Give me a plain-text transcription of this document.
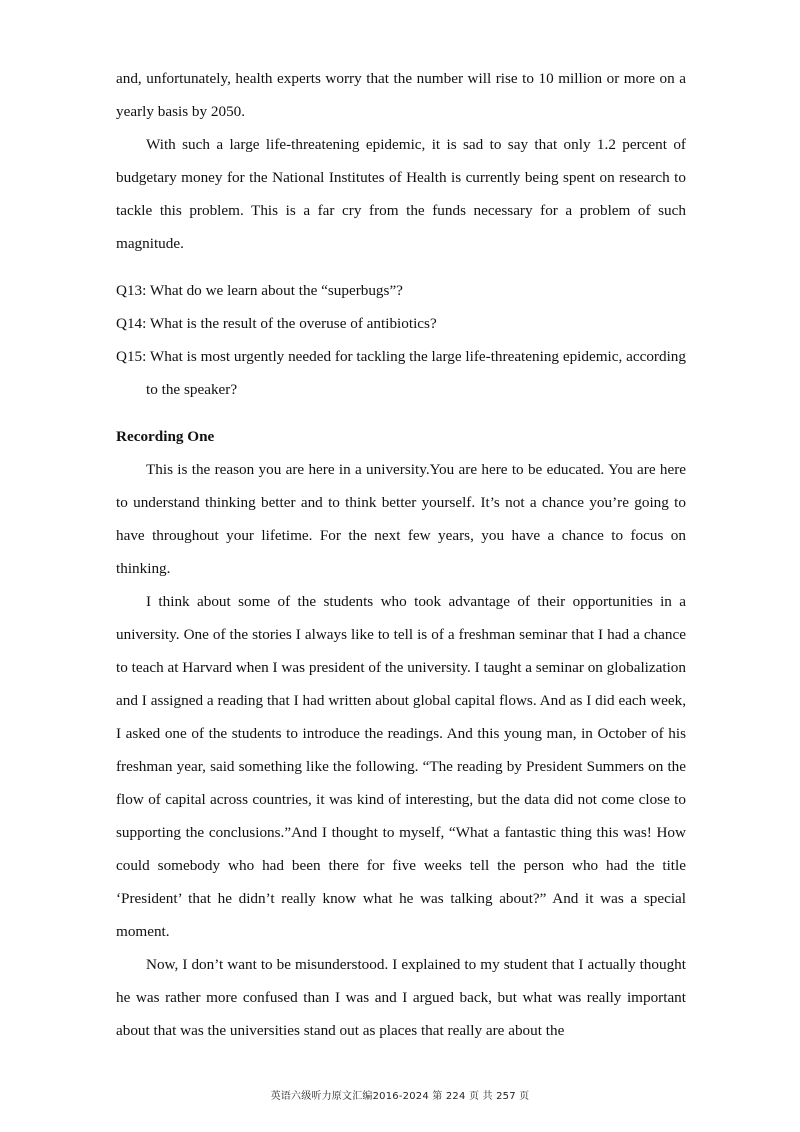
and, unfortunately, health experts worry that the number will rise to 10 million or more on a yearly basis by 2050.

With such a large life-threatening epidemic, it is sad to say that only 1.2 percent of budgetary money for the National Institutes of Health is currently being spent on research to tackle this problem. This is a far cry from the funds necessary for a problem of such magnitude.

Q13: What do we learn about the “superbugs”?

Q14: What is the result of the overuse of antibiotics?

Q15: What is most urgently needed for tackling the large life-threatening epidemic, according to the speaker?

Recording One

This is the reason you are here in a university.You are here to be educated. You are here to understand thinking better and to think better yourself. It’s not a chance you’re going to have throughout your lifetime. For the next few years, you have a chance to focus on thinking.

I think about some of the students who took advantage of their opportunities in a university. One of the stories I always like to tell is of a freshman seminar that I had a chance to teach at Harvard when I was president of the university. I taught a seminar on globalization and I assigned a reading that I had written about global capital flows. And as I did each week, I asked one of the students to introduce the readings. And this young man, in October of his freshman year, said something like the following. “The reading by President Summers on the flow of capital across countries, it was kind of interesting, but the data did not come close to supporting the conclusions.”And I thought to myself, “What a fantastic thing this was! How could somebody who had been there for five weeks tell the person who had the title ‘President’ that he didn’t really know what he was talking about?” And it was a special moment.

Now, I don’t want to be misunderstood. I explained to my student that I actually thought he was rather more confused than I was and I argued back, but what was really important about that was the universities stand out as places that really are about the

英语六级听力原文汇编2016-2024 第 224 页 共 257 页
